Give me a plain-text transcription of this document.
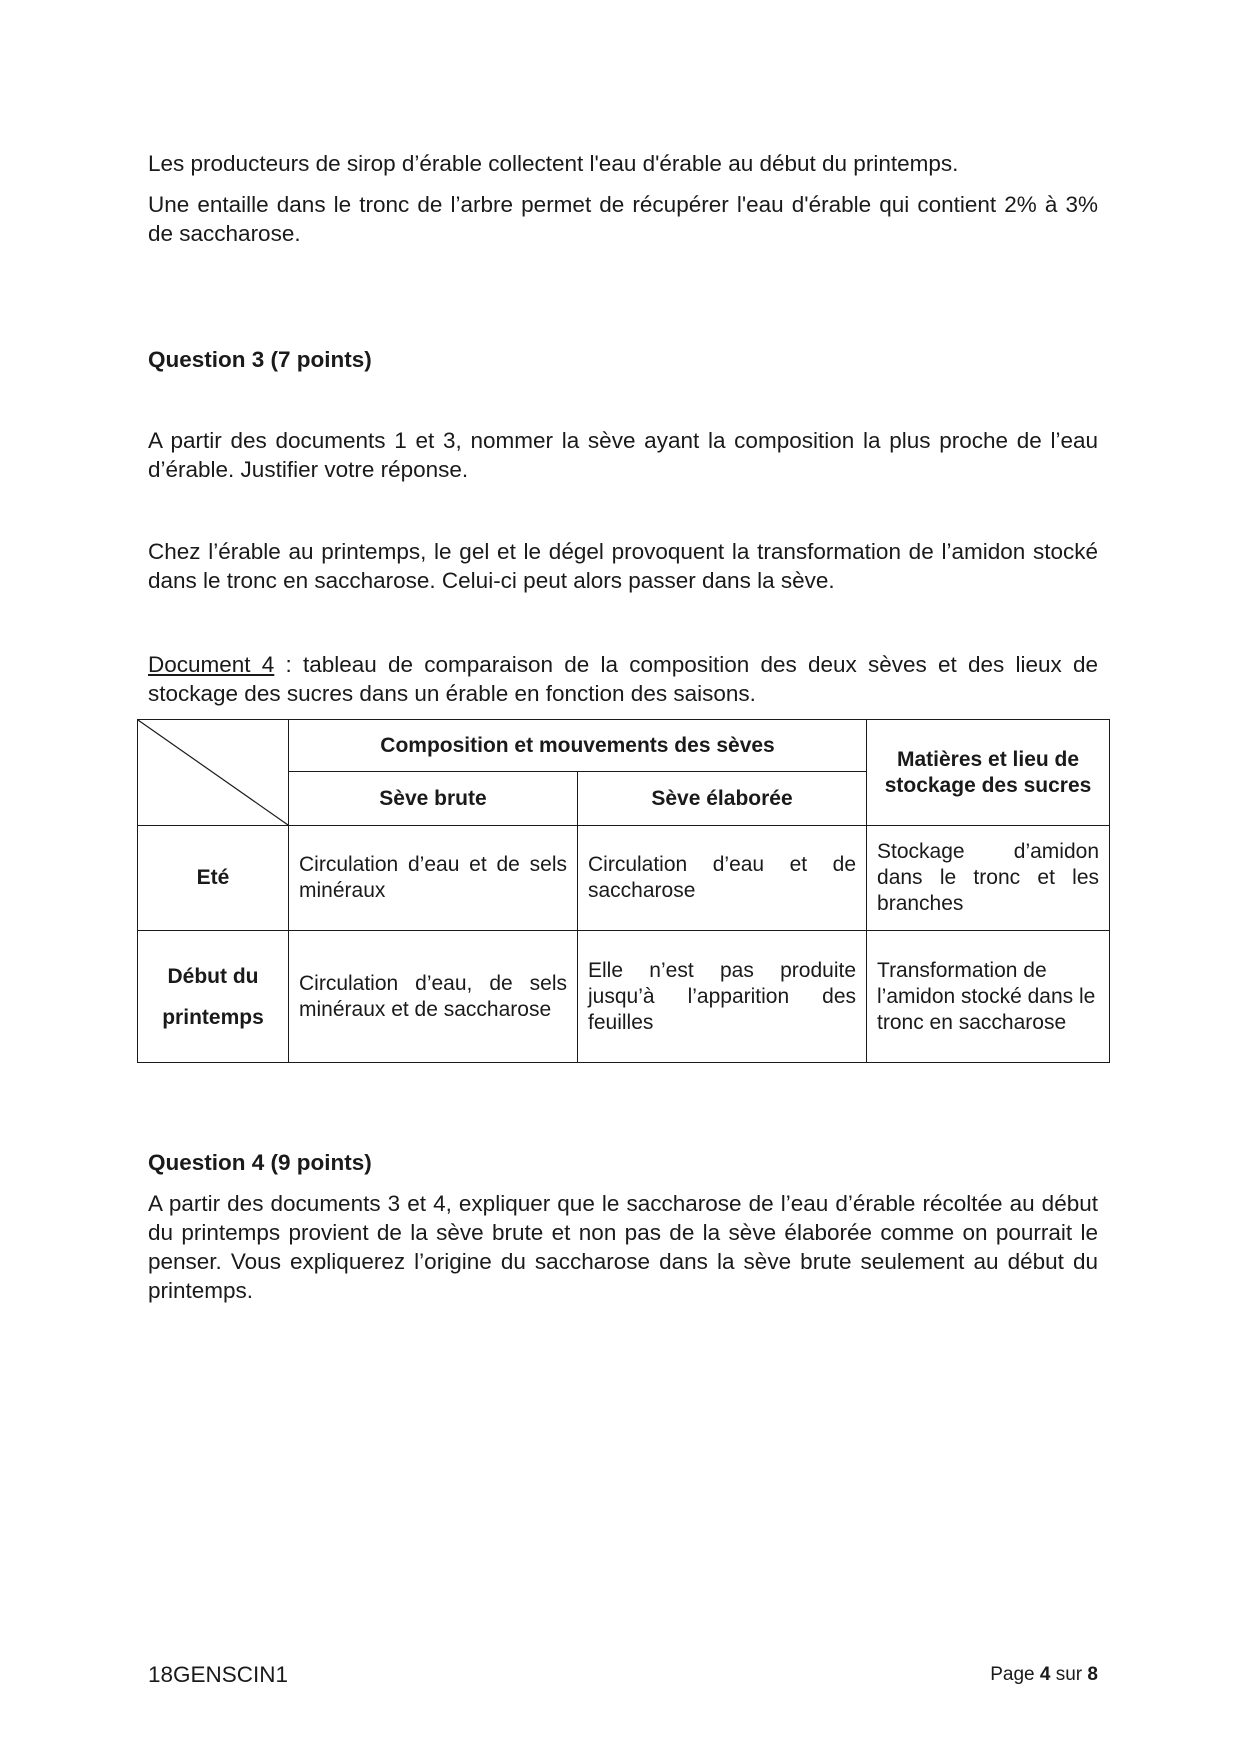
Les producteurs de sirop d’érable collectent l'eau d'érable au début du printemps.

Une entaille dans le tronc de l’arbre permet de récupérer l'eau d'érable qui contient 2% à 3% de saccharose.

Question 3 (7 points)

A partir des documents 1 et 3, nommer la sève ayant la composition la plus proche de l’eau d’érable. Justifier votre réponse.

Chez l’érable au printemps, le gel et le dégel provoquent la transformation de l’amidon stocké dans le tronc en saccharose. Celui-ci peut alors passer dans la sève.

Document 4 : tableau de comparaison de la composition des deux sèves et des lieux de stockage des sucres dans un érable en fonction des saisons.

	Composition et mouvements des sèves		Matières et lieu de stockage des sucres
	Sève brute	Sève élaborée	
Eté	Circulation d’eau et de sels minéraux	Circulation d’eau et de saccharose	Stockage d’amidon dans le tronc et les branches
Début du
printemps	Circulation d’eau, de sels minéraux et de saccharose	Elle n’est pas produite jusqu’à l’apparition des feuilles	Transformation de l’amidon stocké dans le tronc en saccharose

Question 4 (9 points)

A partir des documents 3 et 4, expliquer que le saccharose de l’eau d’érable récoltée au début du printemps provient de la sève brute et non pas de la sève élaborée comme on pourrait le penser. Vous expliquerez l’origine du saccharose dans la sève brute seulement au début du printemps.

18GENSCIN1	Page 4 sur 8
